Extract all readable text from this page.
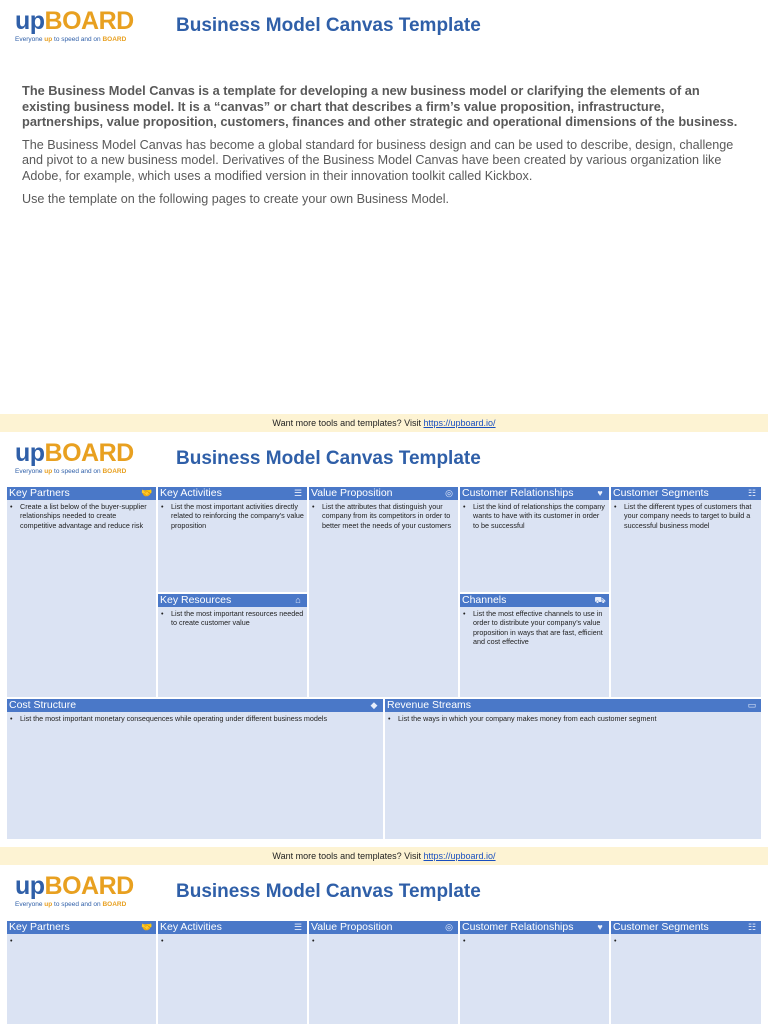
upBOARD
Everyone up to speed and on BOARD
Business Model Canvas Template

The Business Model Canvas is a template for developing a new business model or clarifying the elements of an existing business model. It is a “canvas” or chart that describes a firm’s value proposition, infrastructure, partnerships, value proposition, customers, finances and other strategic and operational dimensions of the business.

The Business Model Canvas has become a global standard for business design and can be used to describe, design, challenge and pivot to a new business model. Derivatives of the Business Model Canvas have been created by various organization like Adobe, for example, which uses a modified version in their innovation toolkit called Kickbox.

Use the template on the following pages to create your own Business Model.

Want more tools and templates? Visit https://upboard.io/
upBOARD
Everyone up to speed and on BOARD
Business Model Canvas Template
Key Partners	🤝
• Create a list below of the buyer-supplier relationships needed to create competitive advantage and reduce risk
Key Activities	☰
• List the most important activities directly related to reinforcing the company’s value proposition
Key Resources	⌂
• List the most important resources needed to create customer value
Value Proposition	◎
• List the attributes that distinguish your company from its competitors in order to better meet the needs of your customers
Customer Relationships	♥
• List the kind of relationships the company wants to have with its customer in order to be successful
Channels	⛟
• List the most effective channels to use in order to distribute your company’s value proposition in ways that are fast, efficient and cost effective
Customer Segments	☷
• List the different types of customers that your company needs to target to build a successful business model
Cost Structure	◆
• List the most important monetary consequences while operating under different business models
Revenue Streams	▭
• List the ways in which your company makes money from each customer segment
Want more tools and templates? Visit https://upboard.io/
upBOARD
Everyone up to speed and on BOARD
Business Model Canvas Template
Key Partners	🤝 Key Activities	☰ Value Proposition	◎ Customer Relationships	♥ Customer Segments	☷
